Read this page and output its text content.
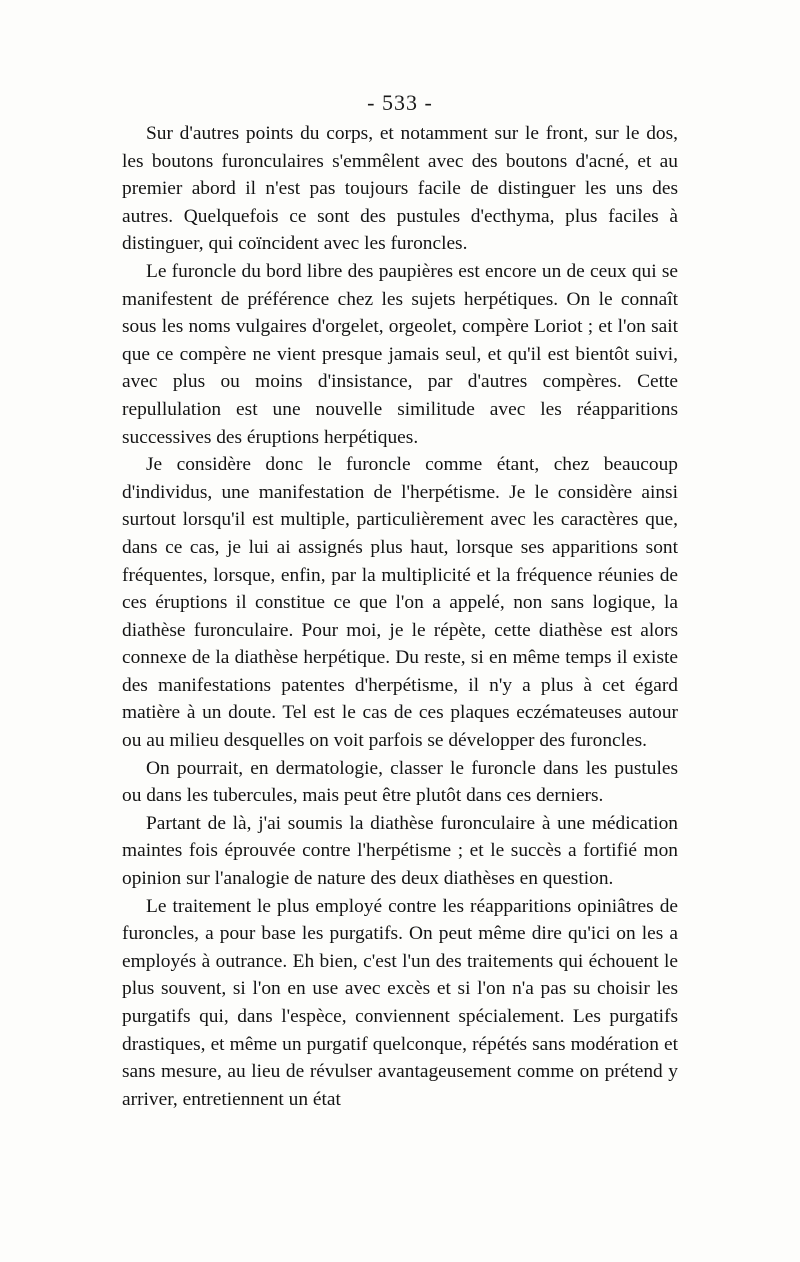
- 533 -

Sur d'autres points du corps, et notamment sur le front, sur le dos, les boutons furonculaires s'emmêlent avec des boutons d'acné, et au premier abord il n'est pas toujours facile de distinguer les uns des autres. Quelquefois ce sont des pustules d'ecthyma, plus faciles à distinguer, qui coïncident avec les furoncles.

Le furoncle du bord libre des paupières est encore un de ceux qui se manifestent de préférence chez les sujets herpétiques. On le connaît sous les noms vulgaires d'orgelet, orgeolet, compère Loriot ; et l'on sait que ce compère ne vient presque jamais seul, et qu'il est bientôt suivi, avec plus ou moins d'insistance, par d'autres compères. Cette repullulation est une nouvelle similitude avec les réapparitions successives des éruptions herpétiques.

Je considère donc le furoncle comme étant, chez beaucoup d'individus, une manifestation de l'herpétisme. Je le considère ainsi surtout lorsqu'il est multiple, particulièrement avec les caractères que, dans ce cas, je lui ai assignés plus haut, lorsque ses apparitions sont fréquentes, lorsque, enfin, par la multiplicité et la fréquence réunies de ces éruptions il constitue ce que l'on a appelé, non sans logique, la diathèse furonculaire. Pour moi, je le répète, cette diathèse est alors connexe de la diathèse herpétique. Du reste, si en même temps il existe des manifestations patentes d'herpétisme, il n'y a plus à cet égard matière à un doute. Tel est le cas de ces plaques eczémateuses autour ou au milieu desquelles on voit parfois se développer des furoncles.

On pourrait, en dermatologie, classer le furoncle dans les pustules ou dans les tubercules, mais peut être plutôt dans ces derniers.

Partant de là, j'ai soumis la diathèse furonculaire à une médication maintes fois éprouvée contre l'herpétisme ; et le succès a fortifié mon opinion sur l'analogie de nature des deux diathèses en question.

Le traitement le plus employé contre les réapparitions opiniâtres de furoncles, a pour base les purgatifs. On peut même dire qu'ici on les a employés à outrance. Eh bien, c'est l'un des traitements qui échouent le plus souvent, si l'on en use avec excès et si l'on n'a pas su choisir les purgatifs qui, dans l'espèce, conviennent spécialement. Les purgatifs drastiques, et même un purgatif quelconque, répétés sans modération et sans mesure, au lieu de révulser avantageusement comme on prétend y arriver, entretiennent un état
